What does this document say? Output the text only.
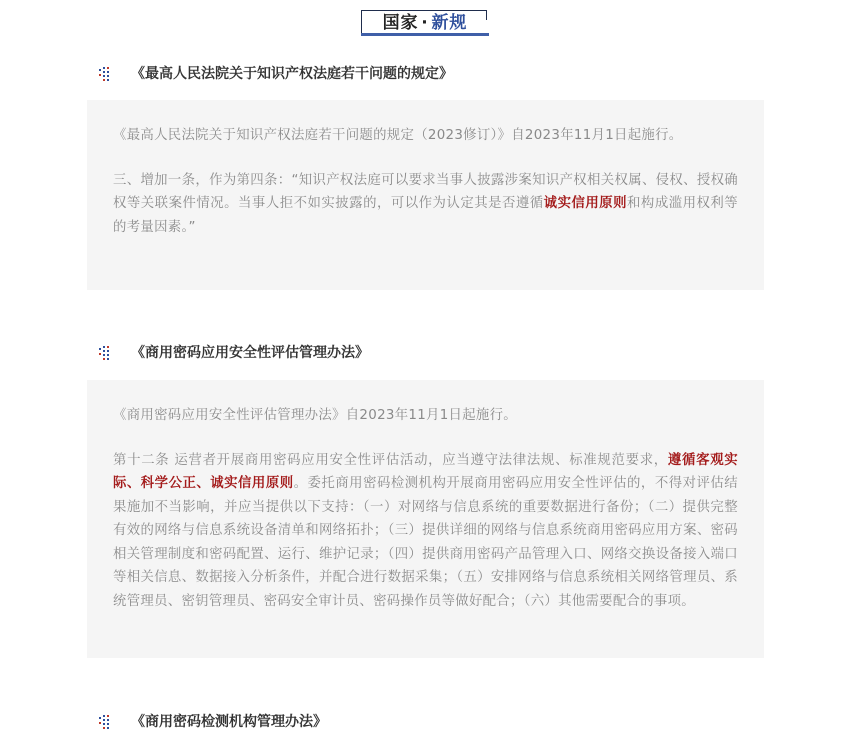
国家  ·  新规
《最高人民法院关于知识产权法庭若干问题的规定》

《最高人民法院关于知识产权法庭若干问题的规定（2023修订）》自2023年11月1日起施行。

三、增加一条，作为第四条：“知识产权法庭可以要求当事人披露涉案知识产权相关权属、侵权、授权确权等关联案件情况。当事人拒不如实披露的，可以作为认定其是否遵循诚实信用原则和构成滥用权利等的考量因素。”

《商用密码应用安全性评估管理办法》

《商用密码应用安全性评估管理办法》自2023年11月1日起施行。

第十二条 运营者开展商用密码应用安全性评估活动，应当遵守法律法规、标准规范要求，遵循客观实际、科学公正、诚实信用原则。委托商用密码检测机构开展商用密码应用安全性评估的，不得对评估结果施加不当影响，并应当提供以下支持：（一）对网络与信息系统的重要数据进行备份；（二）提供完整有效的网络与信息系统设备清单和网络拓扑；（三）提供详细的网络与信息系统商用密码应用方案、密码相关管理制度和密码配置、运行、维护记录；（四）提供商用密码产品管理入口、网络交换设备接入端口等相关信息、数据接入分析条件，并配合进行数据采集；（五）安排网络与信息系统相关网络管理员、系统管理员、密钥管理员、密码安全审计员、密码操作员等做好配合；（六）其他需要配合的事项。

《商用密码检测机构管理办法》
